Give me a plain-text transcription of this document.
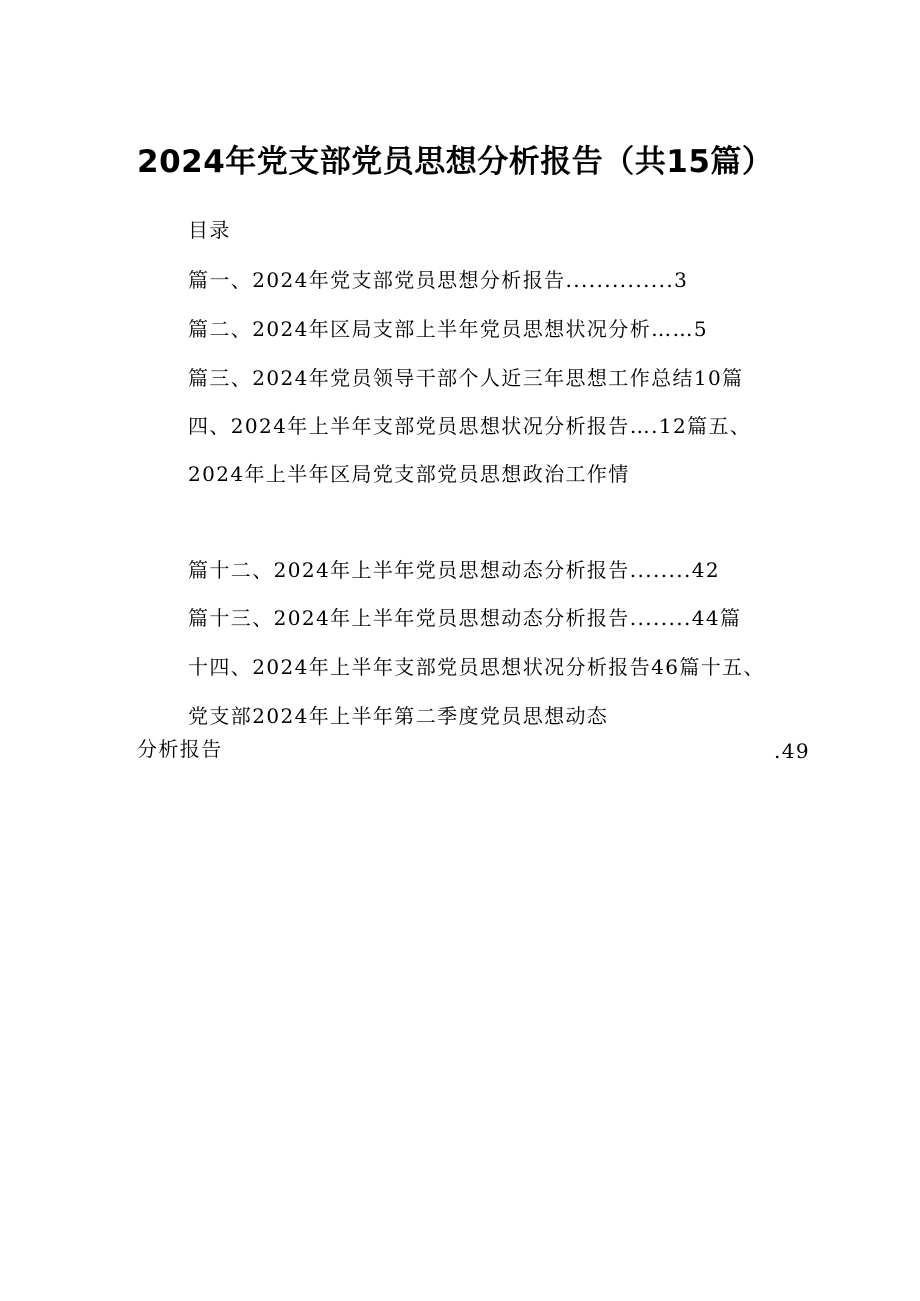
2024年党支部党员思想分析报告（共15篇）
目录
篇一、2024年党支部党员思想分析报告..............3
篇二、2024年区局支部上半年党员思想状况分析……5
篇三、2024年党员领导干部个人近三年思想工作总结10篇
四、2024年上半年支部党员思想状况分析报告….12篇五、
2024年上半年区局党支部党员思想政治工作情
篇十二、2024年上半年党员思想动态分析报告........42
篇十三、2024年上半年党员思想动态分析报告........44篇
十四、2024年上半年支部党员思想状况分析报告46篇十五、
党支部2024年上半年第二季度党员思想动态
分析报告	.49
